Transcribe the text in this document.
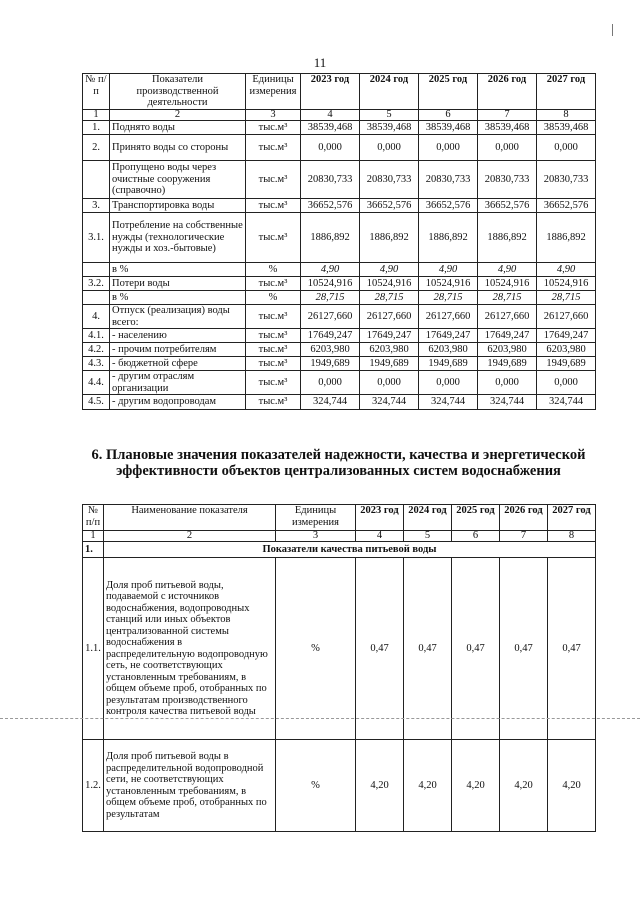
11
№ п/п	Показатели производственной деятельности	Единицы измерения	2023 год	2024 год	2025 год	2026 год	2027 год
1	2	3	4	5	6	7	8
1.	Поднято воды	тыс.м³	38539,468	38539,468	38539,468	38539,468	38539,468
2.	Принято воды со стороны	тыс.м³	0,000	0,000	0,000	0,000	0,000
	Пропущено воды через очистные сооружения (справочно)	тыс.м³	20830,733	20830,733	20830,733	20830,733	20830,733
3.	Транспортировка воды	тыс.м³	36652,576	36652,576	36652,576	36652,576	36652,576
3.1.	Потребление на собственные нужды (технологические нужды и хоз.-бытовые)	тыс.м³	1886,892	1886,892	1886,892	1886,892	1886,892
	в %	%	4,90	4,90	4,90	4,90	4,90
3.2.	Потери воды	тыс.м³	10524,916	10524,916	10524,916	10524,916	10524,916
	в %	%	28,715	28,715	28,715	28,715	28,715
4.	Отпуск (реализация) воды всего:	тыс.м³	26127,660	26127,660	26127,660	26127,660	26127,660
4.1.	- населению	тыс.м³	17649,247	17649,247	17649,247	17649,247	17649,247
4.2.	- прочим потребителям	тыс.м³	6203,980	6203,980	6203,980	6203,980	6203,980
4.3.	- бюджетной сфере	тыс.м³	1949,689	1949,689	1949,689	1949,689	1949,689
4.4.	- другим отраслям организации	тыс.м³	0,000	0,000	0,000	0,000	0,000
4.5.	- другим водопроводам	тыс.м³	324,744	324,744	324,744	324,744	324,744
6. Плановые значения показателей надежности, качества и энергетической эффективности объектов централизованных систем водоснабжения
№ п/п	Наименование показателя	Единицы измерения	2023 год	2024 год	2025 год	2026 год	2027 год
1	2	3	4	5	6	7	8
1.	Показатели качества питьевой воды						
1.1.	Доля проб питьевой воды, подаваемой с источников водоснабжения, водопроводных станций или иных объектов централизованной системы водоснабжения в распределительную водопроводную сеть, не соответствующих установленным требованиям, в общем объеме проб, отобранных по результатам производственного контроля качества питьевой воды	%	0,47	0,47	0,47	0,47	0,47
1.2.	Доля проб питьевой воды в распределительной водопроводной сети, не соответствующих установленным требованиям, в общем объеме проб, отобранных по результатам	%	4,20	4,20	4,20	4,20	4,20
